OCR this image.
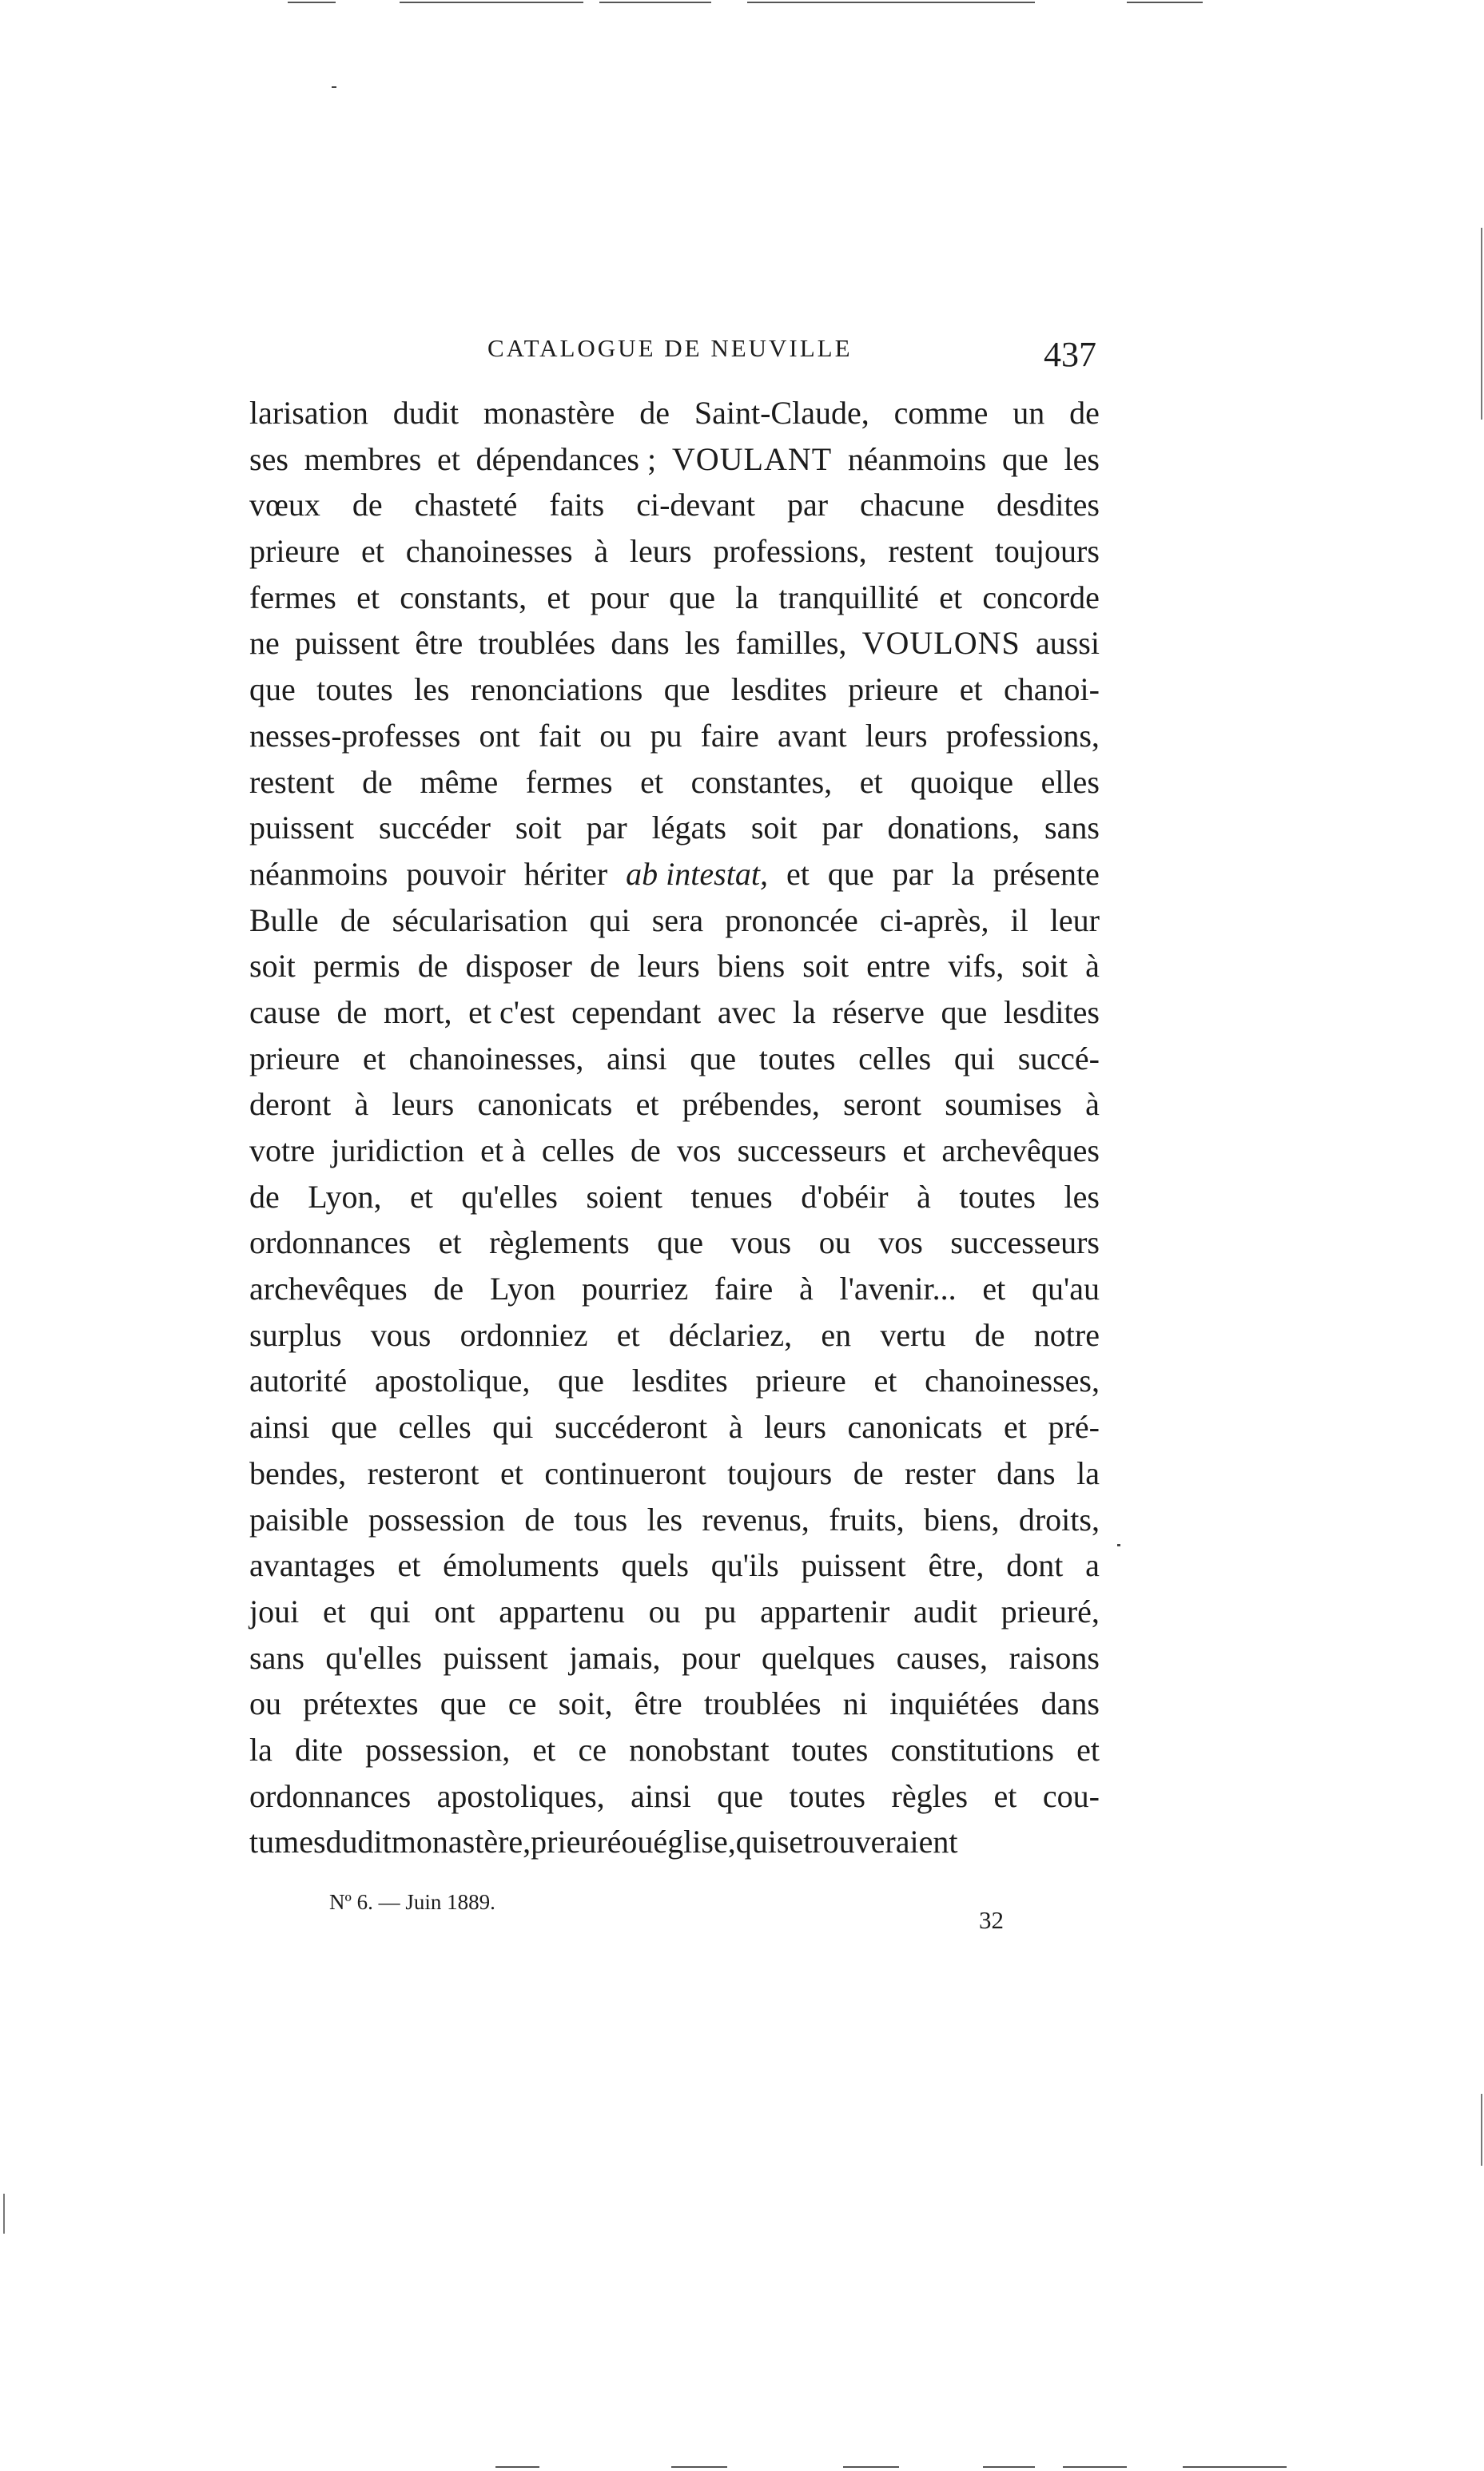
CATALOGUE DE NEUVILLE	437
larisation dudit monastère de Saint-Claude, comme un de
ses membres et dépendances ; VOULANT néanmoins que les
vœux de chasteté faits ci-devant par chacune desdites
prieure et chanoinesses à leurs professions, restent toujours
fermes et constants, et pour que la tranquillité et concorde
ne puissent être troublées dans les familles, VOULONS aussi
que toutes les renonciations que lesdites prieure et chanoi-
nesses-professes ont fait ou pu faire avant leurs professions,
restent de même fermes et constantes, et quoique elles
puissent succéder soit par légats soit par donations, sans
néanmoins pouvoir hériter ab intestat, et que par la présente
Bulle de sécularisation qui sera prononcée ci-après, il leur
soit permis de disposer de leurs biens soit entre vifs, soit à
cause de mort, et c'est cependant avec la réserve que lesdites
prieure et chanoinesses, ainsi que toutes celles qui succé-
deront à leurs canonicats et prébendes, seront soumises à
votre juridiction et à celles de vos successeurs et archevêques
de Lyon, et qu'elles soient tenues d'obéir à toutes les
ordonnances et règlements que vous ou vos successeurs
archevêques de Lyon pourriez faire à l'avenir... et qu'au
surplus vous ordonniez et déclariez, en vertu de notre
autorité apostolique, que lesdites prieure et chanoinesses,
ainsi que celles qui succéderont à leurs canonicats et pré-
bendes, resteront et continueront toujours de rester dans la
paisible possession de tous les revenus, fruits, biens, droits,
avantages et émoluments quels qu'ils puissent être, dont a
joui et qui ont appartenu ou pu appartenir audit prieuré,
sans qu'elles puissent jamais, pour quelques causes, raisons
ou prétextes que ce soit, être troublées ni inquiétées dans
la dite possession, et ce nonobstant toutes constitutions et
ordonnances apostoliques, ainsi que toutes règles et cou-
tumes dudit monastère, prieuré ou église, qui se trouveraient
Nº 6. — Juin 1889.
32
